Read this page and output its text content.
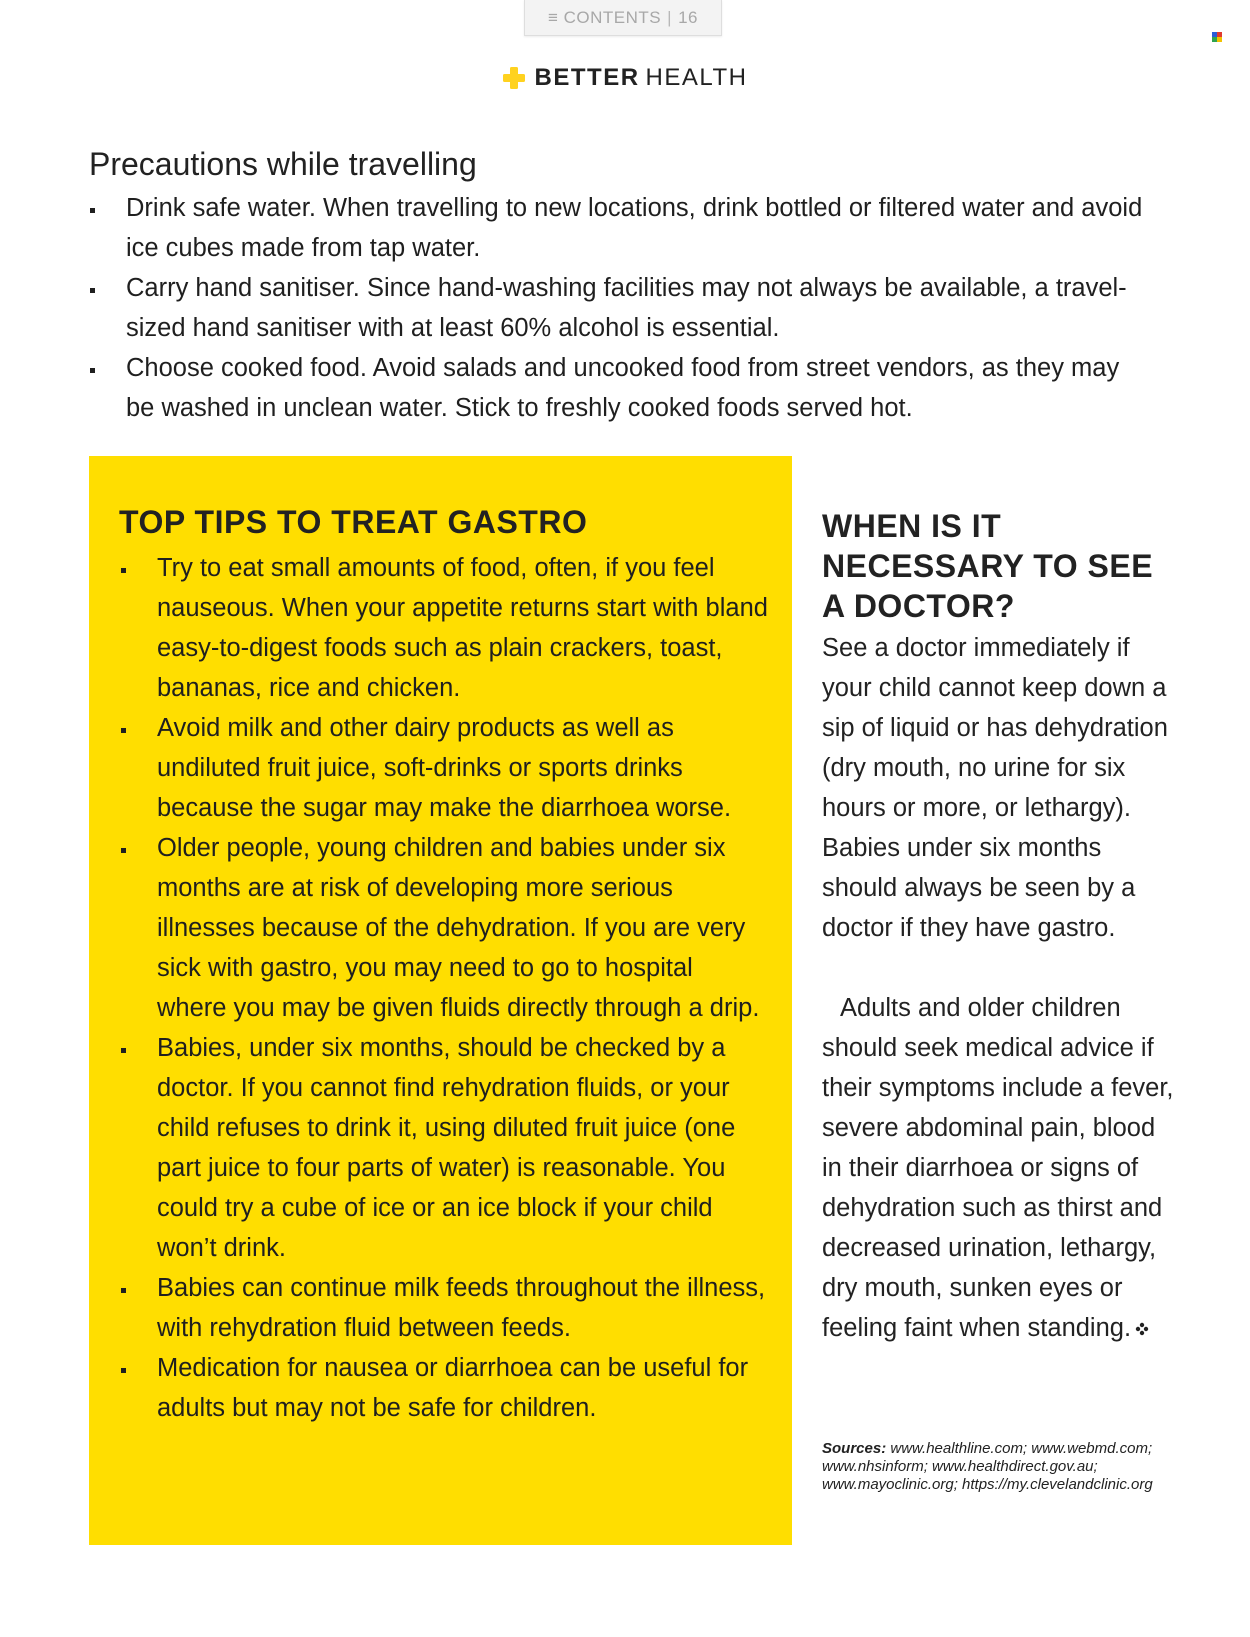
≡ CONTENTS | 16
BETTER HEALTH
Precautions while travelling
Drink safe water. When travelling to new locations, drink bottled or filtered water and avoid ice cubes made from tap water.
Carry hand sanitiser. Since hand-washing facilities may not always be available, a travel-sized hand sanitiser with at least 60% alcohol is essential.
Choose cooked food. Avoid salads and uncooked food from street vendors, as they may be washed in unclean water. Stick to freshly cooked foods served hot.
TOP TIPS TO TREAT GASTRO
Try to eat small amounts of food, often, if you feel nauseous. When your appetite returns start with bland easy-to-digest foods such as plain crackers, toast, bananas, rice and chicken.
Avoid milk and other dairy products as well as undiluted fruit juice, soft-drinks or sports drinks because the sugar may make the diarrhoea worse.
Older people, young children and babies under six months are at risk of developing more serious illnesses because of the dehydration. If you are very sick with gastro, you may need to go to hospital where you may be given fluids directly through a drip.
Babies, under six months, should be checked by a doctor. If you cannot find rehydration fluids, or your child refuses to drink it, using diluted fruit juice (one part juice to four parts of water) is reasonable. You could try a cube of ice or an ice block if your child won’t drink.
Babies can continue milk feeds throughout the illness, with rehydration fluid between feeds.
Medication for nausea or diarrhoea can be useful for adults but may not be safe for children.
WHEN IS IT NECESSARY TO SEE A DOCTOR?

See a doctor immediately if your child cannot keep down a sip of liquid or has dehydration (dry mouth, no urine for six hours or more, or lethargy). Babies under six months should always be seen by a doctor if they have gastro.

Adults and older children should seek medical advice if their symptoms include a fever, severe abdominal pain, blood in their diarrhoea or signs of dehydration such as thirst and decreased urination, lethargy, dry mouth, sunken eyes or feeling faint when standing.

Sources: www.healthline.com; www.webmd.com; www.nhsinform; www.healthdirect.gov.au; www.mayoclinic.org; https://my.clevelandclinic.org
